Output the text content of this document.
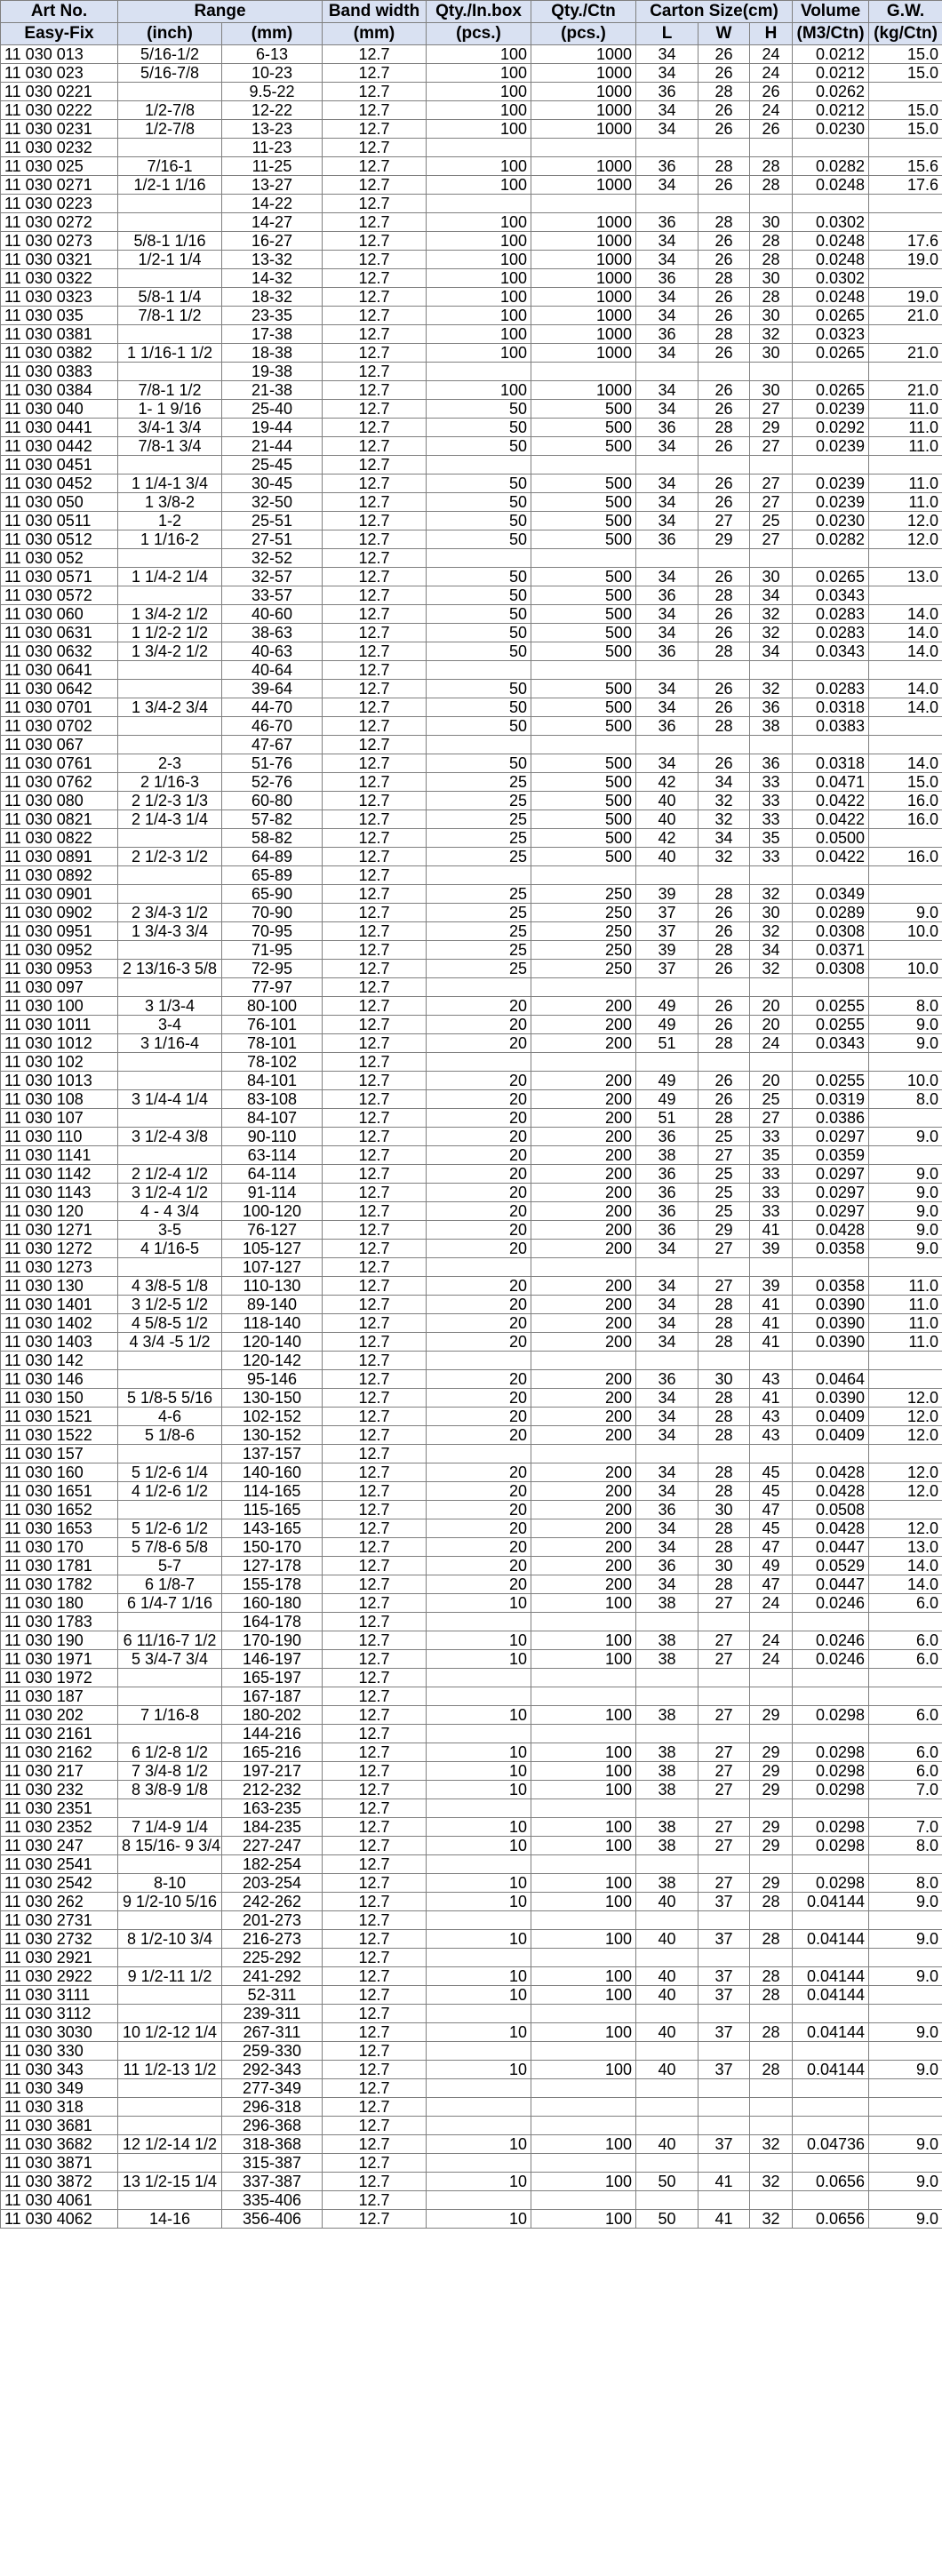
Art No.	Range		Band width	Qty./In.box	Qty./Ctn	Carton Size(cm)			Volume	G.W.
Easy-Fix	(inch)	(mm)	(mm)	(pcs.)	(pcs.)	L	W	H	(M3/Ctn)	(kg/Ctn)
11 030 013	5/16-1/2	6-13	12.7	100	1000	34	26	24	0.0212	15.0
11 030 023	5/16-7/8	10-23	12.7	100	1000	34	26	24	0.0212	15.0
11 030 0221		9.5-22	12.7	100	1000	36	28	26	0.0262	
11 030 0222	1/2-7/8	12-22	12.7	100	1000	34	26	24	0.0212	15.0
11 030 0231	1/2-7/8	13-23	12.7	100	1000	34	26	26	0.0230	15.0
11 030 0232		11-23	12.7							
11 030 025	7/16-1	11-25	12.7	100	1000	36	28	28	0.0282	15.6
11 030 0271	1/2-1 1/16	13-27	12.7	100	1000	34	26	28	0.0248	17.6
11 030 0223		14-22	12.7							
11 030 0272		14-27	12.7	100	1000	36	28	30	0.0302	
11 030 0273	5/8-1 1/16	16-27	12.7	100	1000	34	26	28	0.0248	17.6
11 030 0321	1/2-1 1/4	13-32	12.7	100	1000	34	26	28	0.0248	19.0
11 030 0322		14-32	12.7	100	1000	36	28	30	0.0302	
11 030 0323	5/8-1 1/4	18-32	12.7	100	1000	34	26	28	0.0248	19.0
11 030 035	7/8-1 1/2	23-35	12.7	100	1000	34	26	30	0.0265	21.0
11 030 0381		17-38	12.7	100	1000	36	28	32	0.0323	
11 030 0382	1 1/16-1 1/2	18-38	12.7	100	1000	34	26	30	0.0265	21.0
11 030 0383		19-38	12.7							
11 030 0384	7/8-1 1/2	21-38	12.7	100	1000	34	26	30	0.0265	21.0
11 030 040	1- 1 9/16	25-40	12.7	50	500	34	26	27	0.0239	11.0
11 030 0441	3/4-1 3/4	19-44	12.7	50	500	36	28	29	0.0292	11.0
11 030 0442	7/8-1 3/4	21-44	12.7	50	500	34	26	27	0.0239	11.0
11 030 0451		25-45	12.7							
11 030 0452	1 1/4-1 3/4	30-45	12.7	50	500	34	26	27	0.0239	11.0
11 030 050	1 3/8-2	32-50	12.7	50	500	34	26	27	0.0239	11.0
11 030 0511	1-2	25-51	12.7	50	500	34	27	25	0.0230	12.0
11 030 0512	1 1/16-2	27-51	12.7	50	500	36	29	27	0.0282	12.0
11 030 052		32-52	12.7							
11 030 0571	1 1/4-2 1/4	32-57	12.7	50	500	34	26	30	0.0265	13.0
11 030 0572		33-57	12.7	50	500	36	28	34	0.0343	
11 030 060	1 3/4-2 1/2	40-60	12.7	50	500	34	26	32	0.0283	14.0
11 030 0631	1 1/2-2 1/2	38-63	12.7	50	500	34	26	32	0.0283	14.0
11 030 0632	1 3/4-2 1/2	40-63	12.7	50	500	36	28	34	0.0343	14.0
11 030 0641		40-64	12.7							
11 030 0642		39-64	12.7	50	500	34	26	32	0.0283	14.0
11 030 0701	1 3/4-2 3/4	44-70	12.7	50	500	34	26	36	0.0318	14.0
11 030 0702		46-70	12.7	50	500	36	28	38	0.0383	
11 030 067		47-67	12.7							
11 030 0761	2-3	51-76	12.7	50	500	34	26	36	0.0318	14.0
11 030 0762	2 1/16-3	52-76	12.7	25	500	42	34	33	0.0471	15.0
11 030 080	2 1/2-3 1/3	60-80	12.7	25	500	40	32	33	0.0422	16.0
11 030 0821	2 1/4-3 1/4	57-82	12.7	25	500	40	32	33	0.0422	16.0
11 030 0822		58-82	12.7	25	500	42	34	35	0.0500	
11 030 0891	2 1/2-3 1/2	64-89	12.7	25	500	40	32	33	0.0422	16.0
11 030 0892		65-89	12.7							
11 030 0901		65-90	12.7	25	250	39	28	32	0.0349	
11 030 0902	2 3/4-3 1/2	70-90	12.7	25	250	37	26	30	0.0289	9.0
11 030 0951	1 3/4-3 3/4	70-95	12.7	25	250	37	26	32	0.0308	10.0
11 030 0952		71-95	12.7	25	250	39	28	34	0.0371	
11 030 0953	2 13/16-3 5/8	72-95	12.7	25	250	37	26	32	0.0308	10.0
11 030 097		77-97	12.7							
11 030 100	3 1/3-4	80-100	12.7	20	200	49	26	20	0.0255	8.0
11 030 1011	3-4	76-101	12.7	20	200	49	26	20	0.0255	9.0
11 030 1012	3 1/16-4	78-101	12.7	20	200	51	28	24	0.0343	9.0
11 030 102		78-102	12.7							
11 030 1013		84-101	12.7	20	200	49	26	20	0.0255	10.0
11 030 108	3 1/4-4 1/4	83-108	12.7	20	200	49	26	25	0.0319	8.0
11 030 107		84-107	12.7	20	200	51	28	27	0.0386	
11 030 110	3 1/2-4 3/8	90-110	12.7	20	200	36	25	33	0.0297	9.0
11 030 1141		63-114	12.7	20	200	38	27	35	0.0359	
11 030 1142	2 1/2-4 1/2	64-114	12.7	20	200	36	25	33	0.0297	9.0
11 030 1143	3 1/2-4 1/2	91-114	12.7	20	200	36	25	33	0.0297	9.0
11 030 120	4 - 4 3/4	100-120	12.7	20	200	36	25	33	0.0297	9.0
11 030 1271	3-5	76-127	12.7	20	200	36	29	41	0.0428	9.0
11 030 1272	4 1/16-5	105-127	12.7	20	200	34	27	39	0.0358	9.0
11 030 1273		107-127	12.7							
11 030 130	4 3/8-5 1/8	110-130	12.7	20	200	34	27	39	0.0358	11.0
11 030 1401	3 1/2-5 1/2	89-140	12.7	20	200	34	28	41	0.0390	11.0
11 030 1402	4 5/8-5 1/2	118-140	12.7	20	200	34	28	41	0.0390	11.0
11 030 1403	4 3/4 -5 1/2	120-140	12.7	20	200	34	28	41	0.0390	11.0
11 030 142		120-142	12.7							
11 030 146		95-146	12.7	20	200	36	30	43	0.0464	
11 030 150	5 1/8-5 5/16	130-150	12.7	20	200	34	28	41	0.0390	12.0
11 030 1521	4-6	102-152	12.7	20	200	34	28	43	0.0409	12.0
11 030 1522	5 1/8-6	130-152	12.7	20	200	34	28	43	0.0409	12.0
11 030 157		137-157	12.7							
11 030 160	5 1/2-6 1/4	140-160	12.7	20	200	34	28	45	0.0428	12.0
11 030 1651	4 1/2-6 1/2	114-165	12.7	20	200	34	28	45	0.0428	12.0
11 030 1652		115-165	12.7	20	200	36	30	47	0.0508	
11 030 1653	5 1/2-6 1/2	143-165	12.7	20	200	34	28	45	0.0428	12.0
11 030 170	5 7/8-6 5/8	150-170	12.7	20	200	34	28	47	0.0447	13.0
11 030 1781	5-7	127-178	12.7	20	200	36	30	49	0.0529	14.0
11 030 1782	6 1/8-7	155-178	12.7	20	200	34	28	47	0.0447	14.0
11 030 180	6 1/4-7 1/16	160-180	12.7	10	100	38	27	24	0.0246	6.0
11 030 1783		164-178	12.7							
11 030 190	6 11/16-7 1/2	170-190	12.7	10	100	38	27	24	0.0246	6.0
11 030 1971	5 3/4-7 3/4	146-197	12.7	10	100	38	27	24	0.0246	6.0
11 030 1972		165-197	12.7							
11 030 187		167-187	12.7							
11 030 202	7 1/16-8	180-202	12.7	10	100	38	27	29	0.0298	6.0
11 030 2161		144-216	12.7							
11 030 2162	6 1/2-8 1/2	165-216	12.7	10	100	38	27	29	0.0298	6.0
11 030 217	7 3/4-8 1/2	197-217	12.7	10	100	38	27	29	0.0298	6.0
11 030 232	8 3/8-9 1/8	212-232	12.7	10	100	38	27	29	0.0298	7.0
11 030 2351		163-235	12.7							
11 030 2352	7 1/4-9 1/4	184-235	12.7	10	100	38	27	29	0.0298	7.0
11 030 247	8 15/16- 9 3/4	227-247	12.7	10	100	38	27	29	0.0298	8.0
11 030 2541		182-254	12.7							
11 030 2542	8-10	203-254	12.7	10	100	38	27	29	0.0298	8.0
11 030 262	9 1/2-10 5/16	242-262	12.7	10	100	40	37	28	0.04144	9.0
11 030 2731		201-273	12.7							
11 030 2732	8 1/2-10 3/4	216-273	12.7	10	100	40	37	28	0.04144	9.0
11 030 2921		225-292	12.7							
11 030 2922	9 1/2-11 1/2	241-292	12.7	10	100	40	37	28	0.04144	9.0
11 030 3111		52-311	12.7	10	100	40	37	28	0.04144	
11 030 3112		239-311	12.7							
11 030 3030	10 1/2-12 1/4	267-311	12.7	10	100	40	37	28	0.04144	9.0
11 030 330		259-330	12.7							
11 030 343	11 1/2-13 1/2	292-343	12.7	10	100	40	37	28	0.04144	9.0
11 030 349		277-349	12.7							
11 030 318		296-318	12.7							
11 030 3681		296-368	12.7							
11 030 3682	12 1/2-14 1/2	318-368	12.7	10	100	40	37	32	0.04736	9.0
11 030 3871		315-387	12.7							
11 030 3872	13 1/2-15 1/4	337-387	12.7	10	100	50	41	32	0.0656	9.0
11 030 4061		335-406	12.7							
11 030 4062	14-16	356-406	12.7	10	100	50	41	32	0.0656	9.0
